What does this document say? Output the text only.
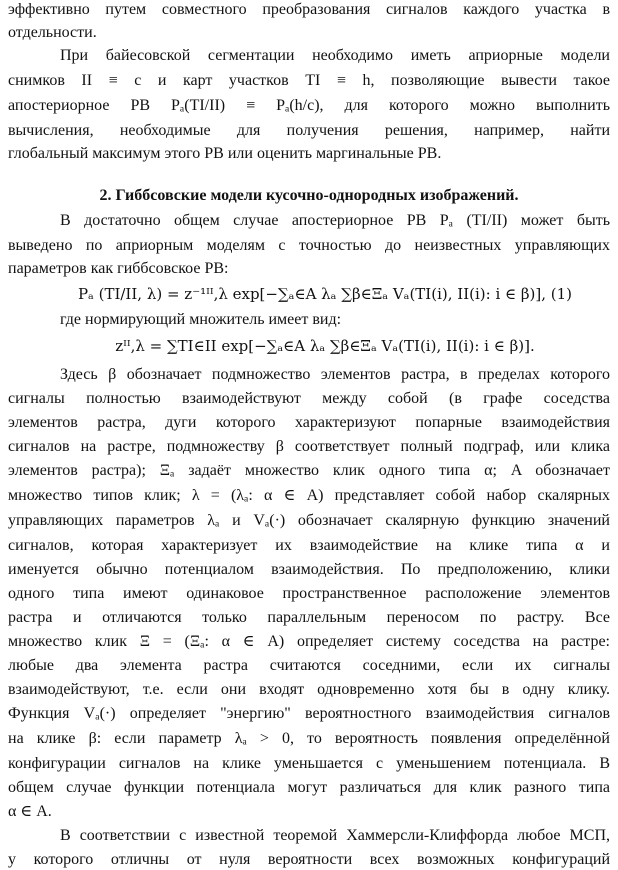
эффективно путем совместного преобразования сигналов каждого участка в
отдельности.
При байесовской сегментации необходимо иметь априорные модели
снимков II ≡ c и карт участков TI ≡ h, позволяющие вывести такое
апостериорное РВ Pₐ(TI/II) ≡ Pₐ(h/c), для которого можно выполнить
вычисления, необходимые для получения решения, например, найти
глобальный максимум этого РВ или оценить маргинальные РВ.
2. Гиббсовские модели кусочно-однородных изображений.
В достаточно общем случае апостериорное РВ Pₐ (TI/II) может быть
выведено по априорным моделям с точностью до неизвестных управляющих
параметров как гиббсовское РВ:
Pₐ (TI/II, λ) = z⁻¹ᴵᴵ,λ exp[−∑ₐ∈A λₐ ∑β∈Ξₐ Vₐ(TI(i), II(i): i ∈ β)], (1)
где нормирующий множитель имеет вид:
zᴵᴵ,λ = ∑TI∈II exp[−∑ₐ∈A λₐ ∑β∈Ξₐ Vₐ(TI(i), II(i): i ∈ β)].
Здесь β обозначает подмножество элементов растра, в пределах которого
сигналы полностью взаимодействуют между собой (в графе соседства
элементов растра, дуги которого характеризуют попарные взаимодействия
сигналов на растре, подмножеству β соответствует полный подграф, или клика
элементов растра); Ξₐ задаёт множество клик одного типа α; A обозначает
множество типов клик; λ = (λₐ: α ∈ A) представляет собой набор скалярных
управляющих параметров λₐ и Vₐ(·) обозначает скалярную функцию значений
сигналов, которая характеризует их взаимодействие на клике типа α и
именуется обычно потенциалом взаимодействия. По предположению, клики
одного типа имеют одинаковое пространственное расположение элементов
растра и отличаются только параллельным переносом по растру. Все
множество клик Ξ = (Ξₐ: α ∈ A) определяет систему соседства на растре:
любые два элемента растра считаются соседними, если их сигналы
взаимодействуют, т.е. если они входят одновременно хотя бы в одну клику.
Функция Vₐ(·) определяет "энергию" вероятностного взаимодействия сигналов
на клике β: если параметр λₐ > 0, то вероятность появления определённой
конфигурации сигналов на клике уменьшается с уменьшением потенциала. В
общем случае функции потенциала могут различаться для клик разного типа
α ∈ A.
В соответствии с известной теоремой Хаммерсли-Клиффорда любое МСП,
у которого отличны от нуля вероятности всех возможных конфигураций
